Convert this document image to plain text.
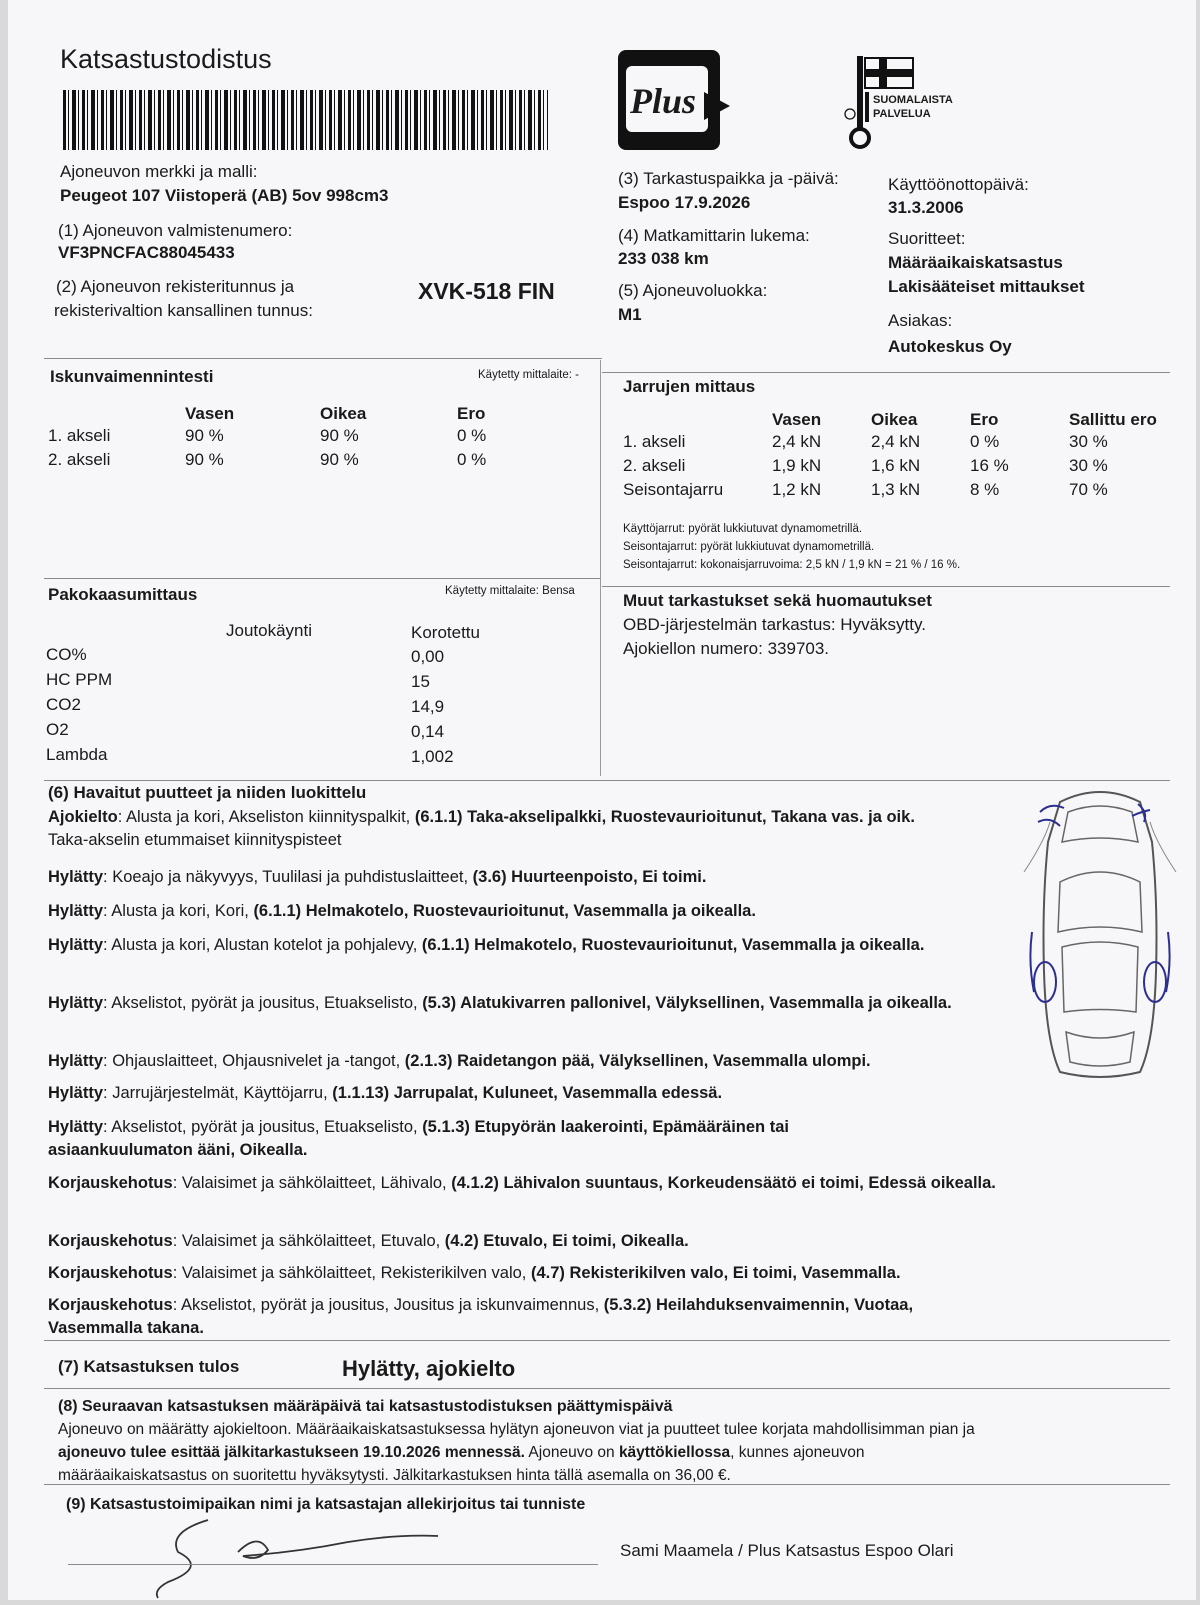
Katsastustodistus
Plus	SUOMALAISTA
PALVELUA
Ajoneuvon merkki ja malli:
Peugeot 107 Viistoperä (AB) 5ov 998cm3
(1) Ajoneuvon valmistenumero:
VF3PNCFAC88045433
(2) Ajoneuvon rekisteritunnus ja
rekisterivaltion kansallinen tunnus:
XVK-518 FIN
(3) Tarkastuspaikka ja -päivä:
Espoo 17.9.2026
(4) Matkamittarin lukema:
233 038 km
(5) Ajoneuvoluokka:
M1
Käyttöönottopäivä:
31.3.2006
Suoritteet:
Määräaikaiskatsastus
Lakisääteiset mittaukset
Asiakas:
Autokeskus Oy
Iskunvaimennintesti	Käytetty mittalaite: -
	Vasen	Oikea	Ero
1. akseli	90 %	90 %	0 %
2. akseli	90 %	90 %	0 %
Jarrujen mittaus
	Vasen	Oikea	Ero	Sallittu ero
1. akseli	2,4 kN	2,4 kN	0 %	30 %
2. akseli	1,9 kN	1,6 kN	16 %	30 %
Seisontajarru	1,2 kN	1,3 kN	8 %	70 %
Käyttöjarrut: pyörät lukkiutuvat dynamometrillä.
Seisontajarrut: pyörät lukkiutuvat dynamometrillä.
Seisontajarrut: kokonaisjarruvoima: 2,5 kN / 1,9 kN = 21 % / 16 %.
Pakokaasumittaus	Käytetty mittalaite: Bensa
Joutokäynti	Korotettu
CO%	0,00
HC PPM	15
CO2	14,9
O2	0,14
Lambda	1,002
Muut tarkastukset sekä huomautukset
OBD-järjestelmän tarkastus: Hyväksytty.
Ajokiellon numero: 339703.
(6) Havaitut puutteet ja niiden luokittelu
Ajokielto: Alusta ja kori, Akseliston kiinnityspalkit, (6.1.1) Taka-akselipalkki, Ruostevaurioitunut, Takana vas. ja oik.
Taka-akselin etummaiset kiinnityspisteet
Hylätty: Koeajo ja näkyvyys, Tuulilasi ja puhdistuslaitteet, (3.6) Huurteenpoisto, Ei toimi.
Hylätty: Alusta ja kori, Kori, (6.1.1) Helmakotelo, Ruostevaurioitunut, Vasemmalla ja oikealla.
Hylätty: Alusta ja kori, Alustan kotelot ja pohjalevy, (6.1.1) Helmakotelo, Ruostevaurioitunut, Vasemmalla ja oikealla.
Hylätty: Akselistot, pyörät ja jousitus, Etuakselisto, (5.3) Alatukivarren pallonivel, Välyksellinen, Vasemmalla ja oikealla.
Hylätty: Ohjauslaitteet, Ohjausnivelet ja -tangot, (2.1.3) Raidetangon pää, Välyksellinen, Vasemmalla ulompi.
Hylätty: Jarrujärjestelmät, Käyttöjarru, (1.1.13) Jarrupalat, Kuluneet, Vasemmalla edessä.
Hylätty: Akselistot, pyörät ja jousitus, Etuakselisto, (5.1.3) Etupyörän laakerointi, Epämääräinen tai asiaankuulumaton ääni, Oikealla.
Korjauskehotus: Valaisimet ja sähkölaitteet, Lähivalo, (4.1.2) Lähivalon suuntaus, Korkeudensäätö ei toimi, Edessä oikealla.
Korjauskehotus: Valaisimet ja sähkölaitteet, Etuvalo, (4.2) Etuvalo, Ei toimi, Oikealla.
Korjauskehotus: Valaisimet ja sähkölaitteet, Rekisterikilven valo, (4.7) Rekisterikilven valo, Ei toimi, Vasemmalla.
Korjauskehotus: Akselistot, pyörät ja jousitus, Jousitus ja iskunvaimennus, (5.3.2) Heilahduksenvaimennin, Vuotaa, Vasemmalla takana.
(7) Katsastuksen tulos	Hylätty, ajokielto
(8) Seuraavan katsastuksen määräpäivä tai katsastustodistuksen päättymispäivä
Ajoneuvo on määrätty ajokieltoon. Määräaikaiskatsastuksessa hylätyn ajoneuvon viat ja puutteet tulee korjata mahdollisimman pian ja
ajoneuvo tulee esittää jälkitarkastukseen 19.10.2026 mennessä. Ajoneuvo on käyttökiellossa, kunnes ajoneuvon
määräaikaiskatsastus on suoritettu hyväksytysti. Jälkitarkastuksen hinta tällä asemalla on 36,00 €.
(9) Katsastustoimipaikan nimi ja katsastajan allekirjoitus tai tunniste
Sami Maamela / Plus Katsastus Espoo Olari
